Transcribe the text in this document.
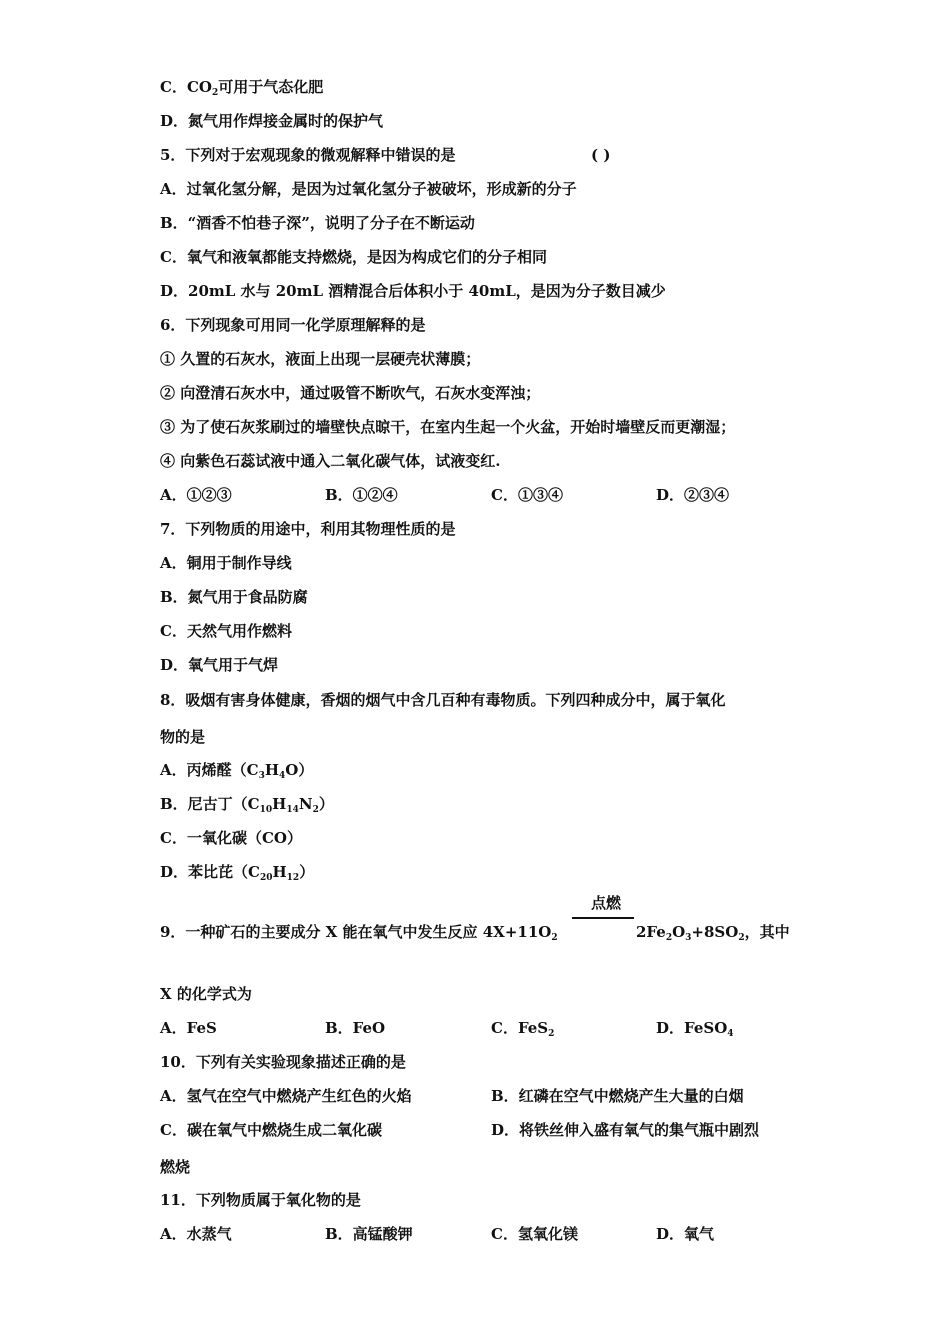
C．$CO_2$可用于气态化肥
D．氮气用作焊接金属时的保护气
5．下列对于宏观现象的微观解释中错误的是	( )
A．过氧化氢分解，是因为过氧化氢分子被破坏，形成新的分子
B．“酒香不怕巷子深”，说明了分子在不断运动
C．氧气和液氧都能支持燃烧，是因为构成它们的分子相同
D．20mL 水与 20mL 酒精混合后体积小于 40mL，是因为分子数目减少
6．下列现象可用同一化学原理解释的是
① 久置的石灰水，液面上出现一层硬壳状薄膜；
② 向澄清石灰水中，通过吸管不断吹气，石灰水变浑浊；
③ 为了使石灰浆刷过的墙壁快点晾干，在室内生起一个火盆，开始时墙壁反而更潮湿；
④ 向紫色石蕊试液中通入二氧化碳气体，试液变红.
A．①②③	B．①②④	C．①③④	D．②③④
7．下列物质的用途中，利用其物理性质的是
A．铜用于制作导线
B．氮气用于食品防腐
C．天然气用作燃料
D．氧气用于气焊
8．吸烟有害身体健康，香烟的烟气中含几百种有毒物质。下列四种成分中，属于氧化
物的是
A．丙烯醛$(C_3H_4O)$
B．尼古丁$(C_{10}H_{14}N_2)$
C．一氧化碳（CO）
D．苯比芘$(C_{20}H_{12})$
点燃
9．一种矿石的主要成分 X 能在氧气中发生反应 $4X+11O_2$	$2Fe_2O_3+8SO_2$，其中
X 的化学式为
A．FeS	B．FeO	C．FeS$_2$	D．FeSO$_4$
10．下列有关实验现象描述正确的是
A．氢气在空气中燃烧产生红色的火焰	B．红磷在空气中燃烧产生大量的白烟
C．碳在氧气中燃烧生成二氧化碳	D．将铁丝伸入盛有氧气的集气瓶中剧烈
燃烧
11．下列物质属于氧化物的是
A．水蒸气	B．高锰酸钾	C．氢氧化镁	D．氧气
